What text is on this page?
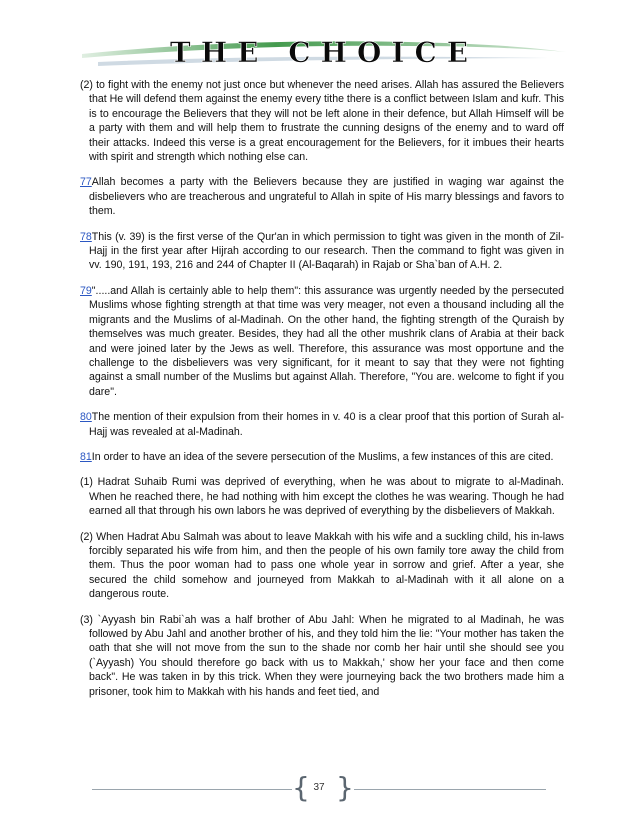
THE CHOICE

(2) to fight with the enemy not just once but whenever the need arises. Allah has assured the Believers that He will defend them against the enemy every tithe there is a conflict between Islam and kufr. This is to encourage the Believers that they will not be left alone in their defence, but Allah Himself will be a party with them and will help them to frustrate the cunning designs of the enemy and to ward off their attacks. Indeed this verse is a great encouragement for the Believers, for it imbues their hearts with spirit and strength which nothing else can.

77Allah becomes a party with the Believers because they are justified in waging war against the disbelievers who are treacherous and ungrateful to Allah in spite of His marry blessings and favors to them.

78This (v. 39) is the first verse of the Qur'an in which permission to tight was given in the month of Zil-Hajj in the first year after Hijrah according to our research. Then the command to fight was given in vv. 190, 191, 193, 216 and 244 of Chapter II (Al-Baqarah) in Rajab or Sha`ban of A.H. 2.

79".....and Allah is certainly able to help them": this assurance was urgently needed by the persecuted Muslims whose fighting strength at that time was very meager, not even a thousand including all the migrants and the Muslims of al-Madinah. On the other hand, the fighting strength of the Quraish by themselves was much greater. Besides, they had all the other mushrik clans of Arabia at their back and were joined later by the Jews as well. Therefore, this assurance was most opportune and the challenge to the disbelievers was very significant, for it meant to say that they were not fighting against a small number of the Muslims but against Allah. Therefore, "You are. welcome to fight if you dare".

80The mention of their expulsion from their homes in v. 40 is a clear proof that this portion of Surah al-Hajj was revealed at al-Madinah.

81In order to have an idea of the severe persecution of the Muslims, a few instances of this are cited.

(1) Hadrat Suhaib Rumi was deprived of everything, when he was about to migrate to al-Madinah. When he reached there, he had nothing with him except the clothes he was wearing. Though he had earned all that through his own labors he was deprived of everything by the disbelievers of Makkah.

(2) When Hadrat Abu Salmah was about to leave Makkah with his wife and a suckling child, his in-laws forcibly separated his wife from him, and then the people of his own family tore away the child from them. Thus the poor woman had to pass one whole year in sorrow and grief. After a year, she secured the child somehow and journeyed from Makkah to al-Madinah with it all alone on a dangerous route.

(3) `Ayyash bin Rabi`ah was a half brother of Abu Jahl: When he migrated to al Madinah, he was followed by Abu Jahl and another brother of his, and they told him the lie: "Your mother has taken the oath that she will not move from the sun to the shade nor comb her hair until she should see you (`Ayyash) You should therefore go back with us to Makkah,' show her your face and then come back". He was taken in by this trick. When they were journeying back the two brothers made him a prisoner, took him to Makkah with his hands and feet tied, and

{ 37 }
